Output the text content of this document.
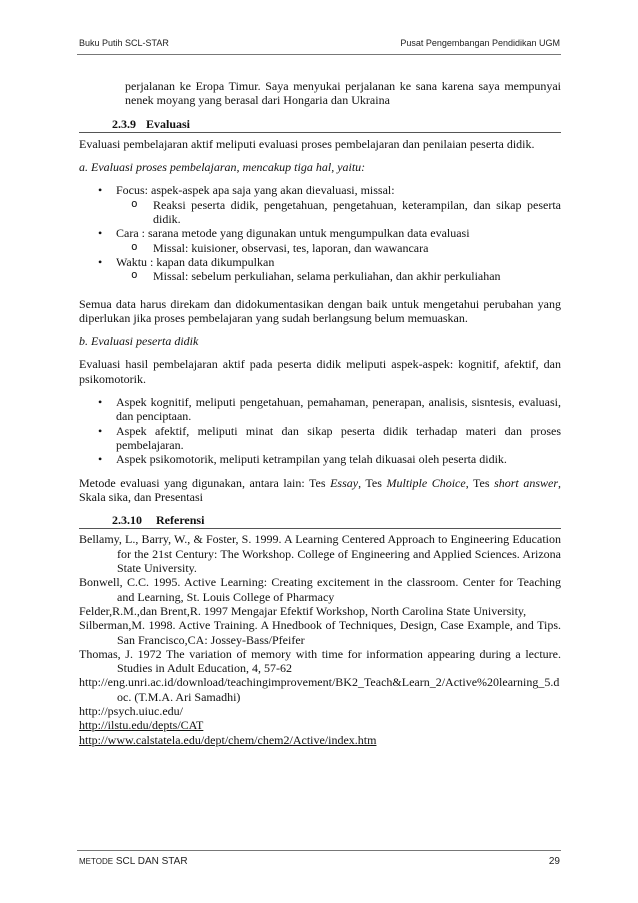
Buku Putih SCL-STAR	Pusat Pengembangan Pendidikan UGM
perjalanan ke Eropa Timur. Saya menyukai perjalanan ke sana karena saya mempunyai nenek moyang yang berasal dari Hongaria dan Ukraina
2.3.9 Evaluasi
Evaluasi pembelajaran aktif meliputi evaluasi proses pembelajaran dan penilaian peserta didik.
a. Evaluasi proses pembelajaran, mencakup tiga hal, yaitu:
• Focus: aspek-aspek apa saja yang akan dievaluasi, missal:
o Reaksi peserta didik, pengetahuan, pengetahuan, keterampilan, dan sikap peserta didik.
• Cara : sarana metode yang digunakan untuk mengumpulkan data evaluasi
o Missal: kuisioner, observasi, tes, laporan, dan wawancara
• Waktu : kapan data dikumpulkan
o Missal: sebelum perkuliahan, selama perkuliahan, dan akhir perkuliahan
Semua data harus direkam dan didokumentasikan dengan baik untuk mengetahui perubahan yang diperlukan jika proses pembelajaran yang sudah berlangsung belum memuaskan.
b. Evaluasi peserta didik
Evaluasi hasil pembelajaran aktif pada peserta didik meliputi aspek-aspek: kognitif, afektif, dan psikomotorik.
• Aspek kognitif, meliputi pengetahuan, pemahaman, penerapan, analisis, sisntesis, evaluasi, dan penciptaan.
• Aspek afektif, meliputi minat dan sikap peserta didik terhadap materi dan proses pembelajaran.
• Aspek psikomotorik, meliputi ketrampilan yang telah dikuasai oleh peserta didik.
Metode evaluasi yang digunakan, antara lain: Tes Essay, Tes Multiple Choice, Tes short answer, Skala sika, dan Presentasi
2.3.10 Referensi
Bellamy, L., Barry, W., & Foster, S. 1999. A Learning Centered Approach to Engineering Education for the 21st Century: The Workshop. College of Engineering and Applied Sciences. Arizona State University.
Bonwell, C.C. 1995. Active Learning: Creating excitement in the classroom. Center for Teaching and Learning, St. Louis College of Pharmacy
Felder,R.M.,dan Brent,R. 1997 Mengajar Efektif Workshop, North Carolina State University,
Silberman,M. 1998. Active Training. A Hnedbook of Techniques, Design, Case Example, and Tips. San Francisco,CA: Jossey-Bass/Pfeifer
Thomas, J. 1972 The variation of memory with time for information appearing during a lecture. Studies in Adult Education, 4, 57-62
http://eng.unri.ac.id/download/teachingimprovement/BK2_Teach&Learn_2/Active%20learning_5.doc. (T.M.A. Ari Samadhi)
http://psych.uiuc.edu/
http://ilstu.edu/depts/CAT
http://www.calstatela.edu/dept/chem/chem2/Active/index.htm
METODE SCL DAN STAR	29
